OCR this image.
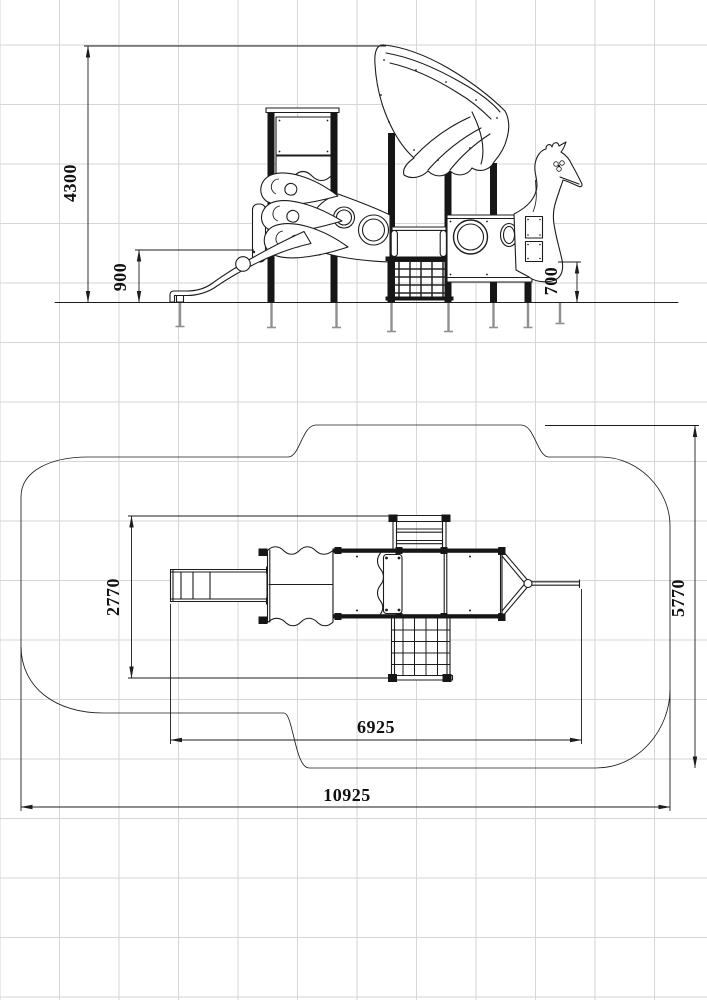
4300
900	700
2770	5770
6925
10925
